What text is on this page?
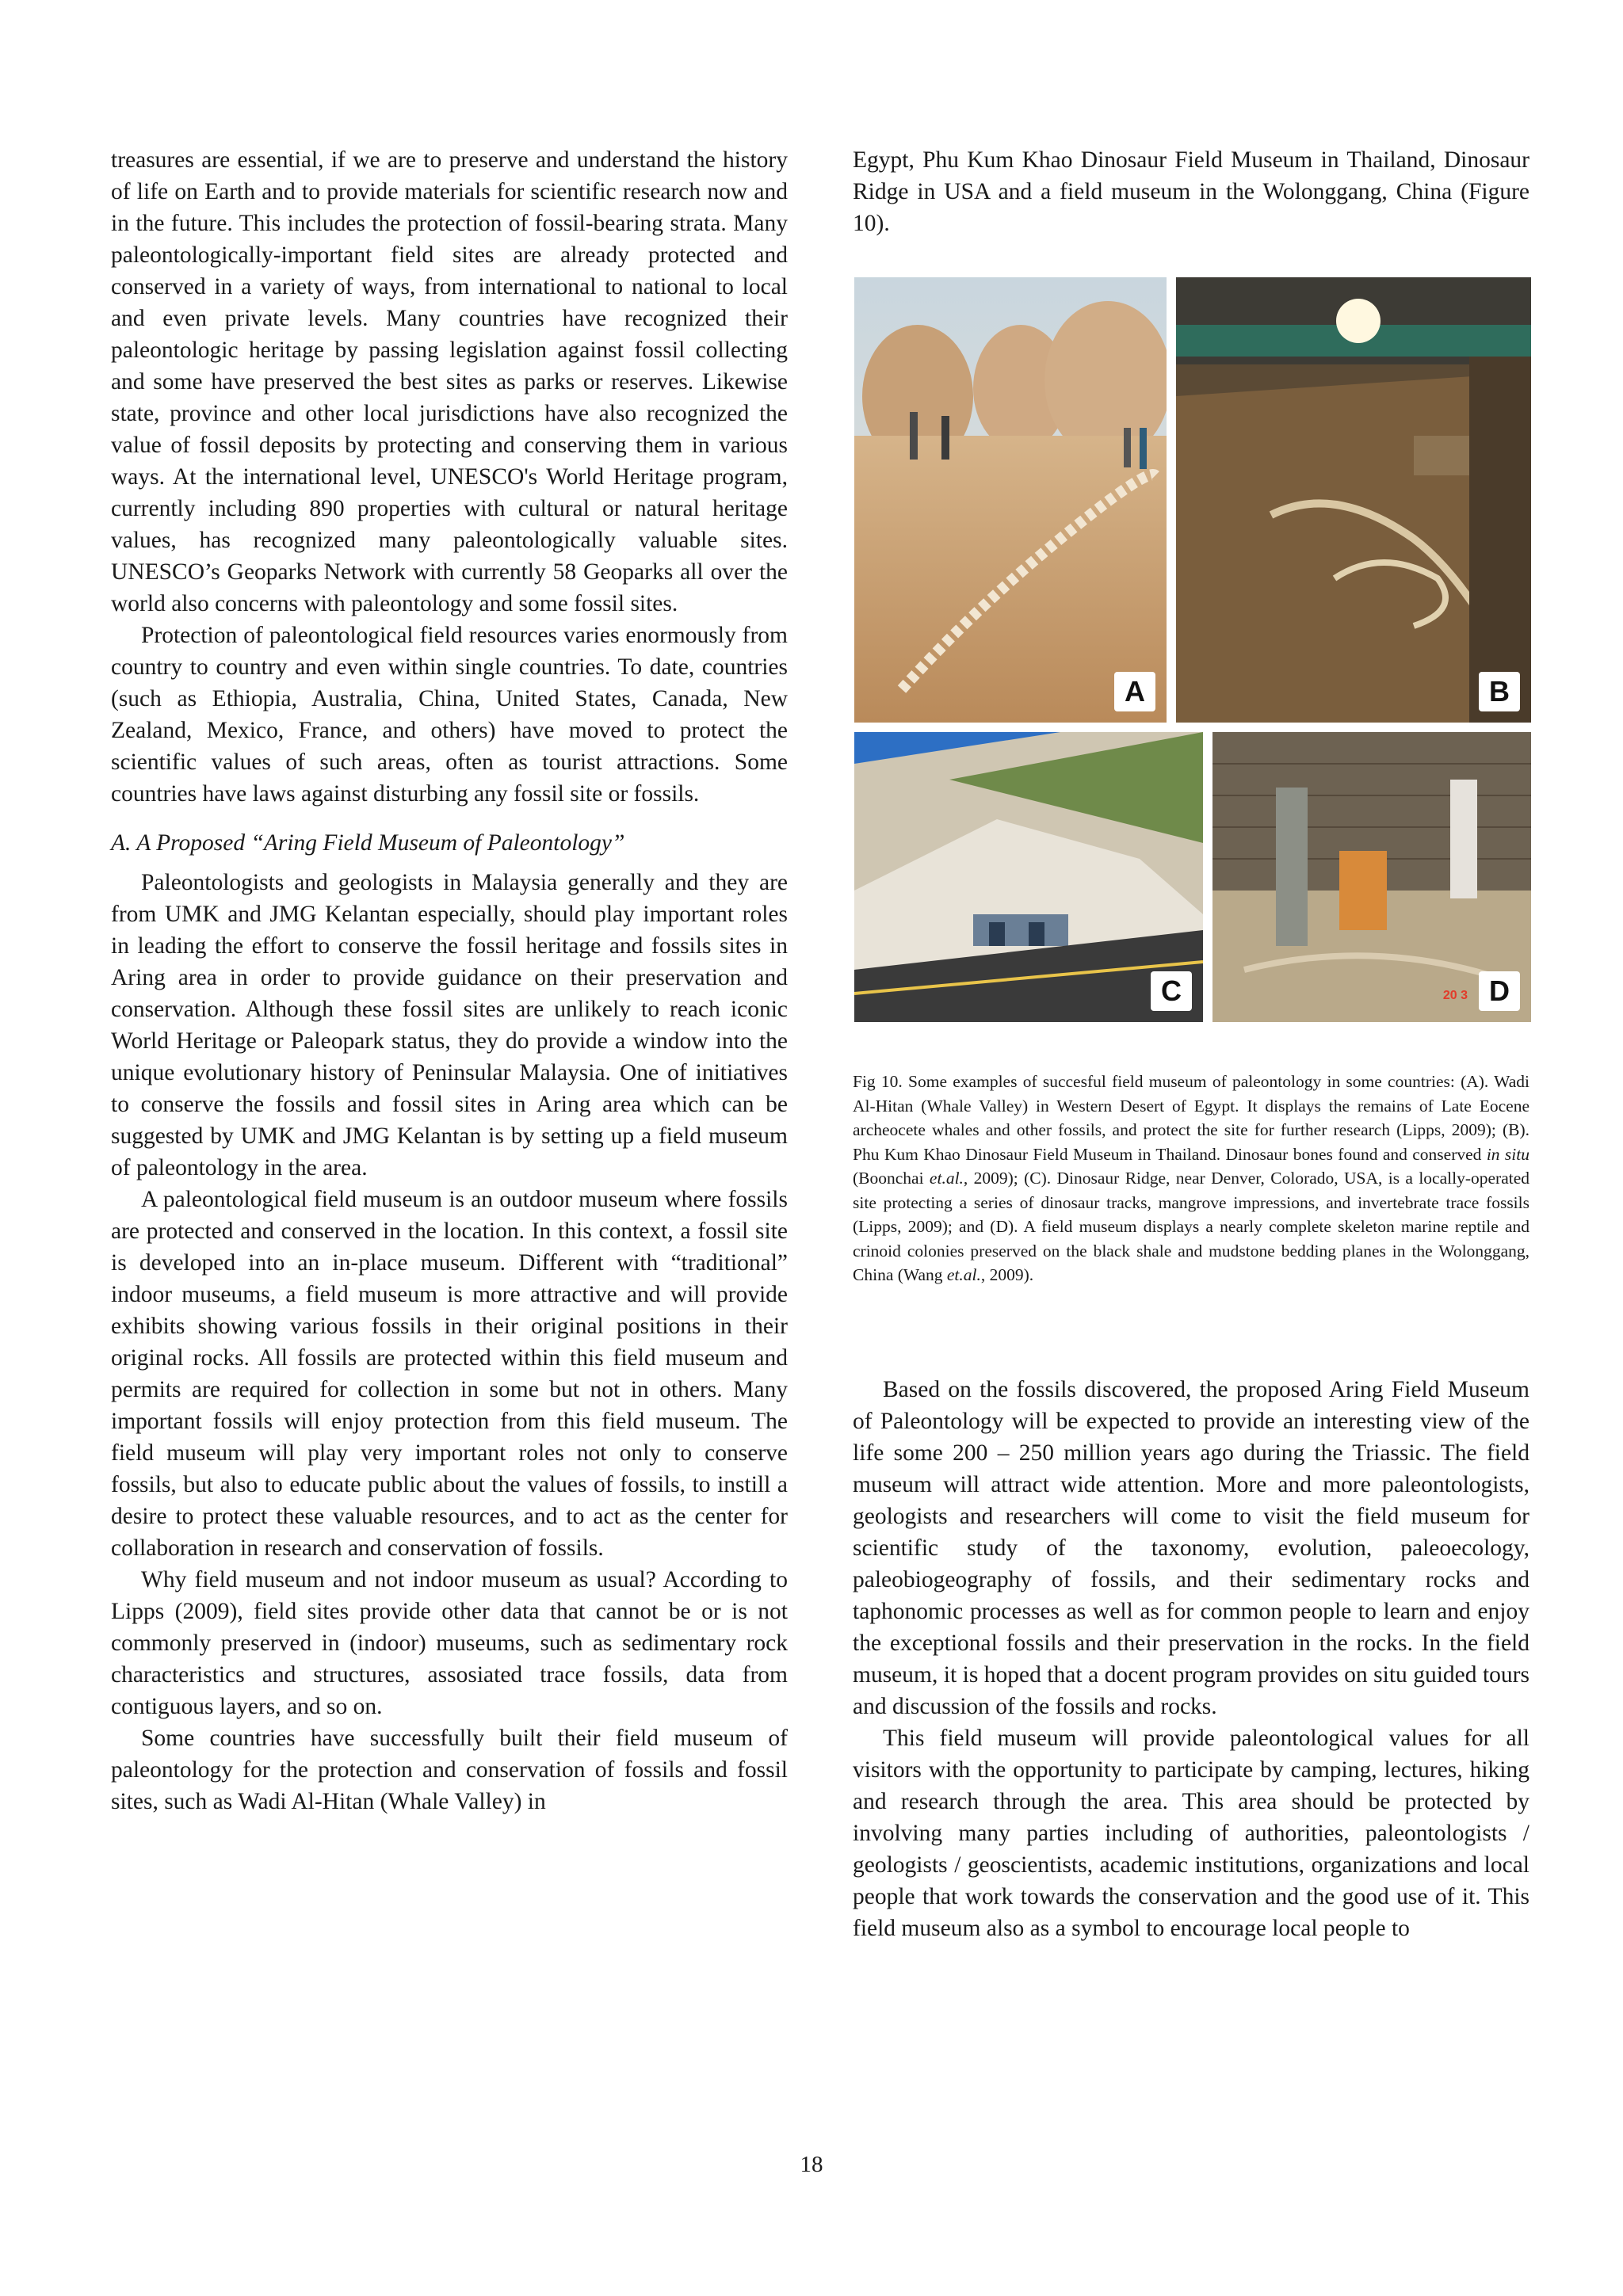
treasures are essential, if we are to preserve and understand the history of life on Earth and to provide materials for scientific research now and in the future. This includes the protection of fossil-bearing strata. Many paleontologically-important field sites are already protected and conserved in a variety of ways, from international to national to local and even private levels. Many countries have recognized their paleontologic heritage by passing legislation against fossil collecting and some have preserved the best sites as parks or reserves. Likewise state, province and other local jurisdictions have also recognized the value of fossil deposits by protecting and conserving them in various ways. At the international level, UNESCO's World Heritage program, currently including 890 properties with cultural or natural heritage values, has recognized many paleontologically valuable sites. UNESCO’s Geoparks Network with currently 58 Geoparks all over the world also concerns with paleontology and some fossil sites.

Protection of paleontological field resources varies enormously from country to country and even within single countries. To date, countries (such as Ethiopia, Australia, China, United States, Canada, New Zealand, Mexico, France, and others) have moved to protect the scientific values of such areas, often as tourist attractions. Some countries have laws against disturbing any fossil site or fossils.

A. A Proposed “Aring Field Museum of Paleontology”

Paleontologists and geologists in Malaysia generally and they are from UMK and JMG Kelantan especially, should play important roles in leading the effort to conserve the fossil heritage and fossils sites in Aring area in order to provide guidance on their preservation and conservation. Although these fossil sites are unlikely to reach iconic World Heritage or Paleopark status, they do provide a window into the unique evolutionary history of Peninsular Malaysia. One of initiatives to conserve the fossils and fossil sites in Aring area which can be suggested by UMK and JMG Kelantan is by setting up a field museum of paleontology in the area.

A paleontological field museum is an outdoor museum where fossils are protected and conserved in the location. In this context, a fossil site is developed into an in-place museum. Different with “traditional” indoor museums, a field museum is more attractive and will provide exhibits showing various fossils in their original positions in their original rocks. All fossils are protected within this field museum and permits are required for collection in some but not in others. Many important fossils will enjoy protection from this field museum. The field museum will play very important roles not only to conserve fossils, but also to educate public about the values of fossils, to instill a desire to protect these valuable resources, and to act as the center for collaboration in research and conservation of fossils.

Why field museum and not indoor museum as usual? According to Lipps (2009), field sites provide other data that cannot be or is not commonly preserved in (indoor) museums, such as sedimentary rock characteristics and structures, assosiated trace fossils, data from contiguous layers, and so on.

Some countries have successfully built their field museum of paleontology for the protection and conservation of fossils and fossil sites, such as Wadi Al-Hitan (Whale Valley) in

Egypt, Phu Kum Khao Dinosaur Field Museum in Thailand, Dinosaur Ridge in USA and a field museum in the Wolonggang, China (Figure 10).

A	B
C	20 3 D
Fig 10. Some examples of succesful field museum of paleontology in some countries: (A). Wadi Al-Hitan (Whale Valley) in Western Desert of Egypt. It displays the remains of Late Eocene archeocete whales and other fossils, and protect the site for further research (Lipps, 2009); (B). Phu Kum Khao Dinosaur Field Museum in Thailand. Dinosaur bones found and conserved in situ (Boonchai et.al., 2009); (C). Dinosaur Ridge, near Denver, Colorado, USA, is a locally-operated site protecting a series of dinosaur tracks, mangrove impressions, and invertebrate trace fossils (Lipps, 2009); and (D). A field museum displays a nearly complete skeleton marine reptile and crinoid colonies preserved on the black shale and mudstone bedding planes in the Wolonggang, China (Wang et.al., 2009).

Based on the fossils discovered, the proposed Aring Field Museum of Paleontology will be expected to provide an interesting view of the life some 200 – 250 million years ago during the Triassic. The field museum will attract wide attention. More and more paleontologists, geologists and researchers will come to visit the field museum for scientific study of the taxonomy, evolution, paleoecology, paleobiogeography of fossils, and their sedimentary rocks and taphonomic processes as well as for common people to learn and enjoy the exceptional fossils and their preservation in the rocks. In the field museum, it is hoped that a docent program provides on situ guided tours and discussion of the fossils and rocks.

This field museum will provide paleontological values for all visitors with the opportunity to participate by camping, lectures, hiking and research through the area. This area should be protected by involving many parties including of authorities, paleontologists / geologists / geoscientists, academic institutions, organizations and local people that work towards the conservation and the good use of it. This field museum also as a symbol to encourage local people to

18
